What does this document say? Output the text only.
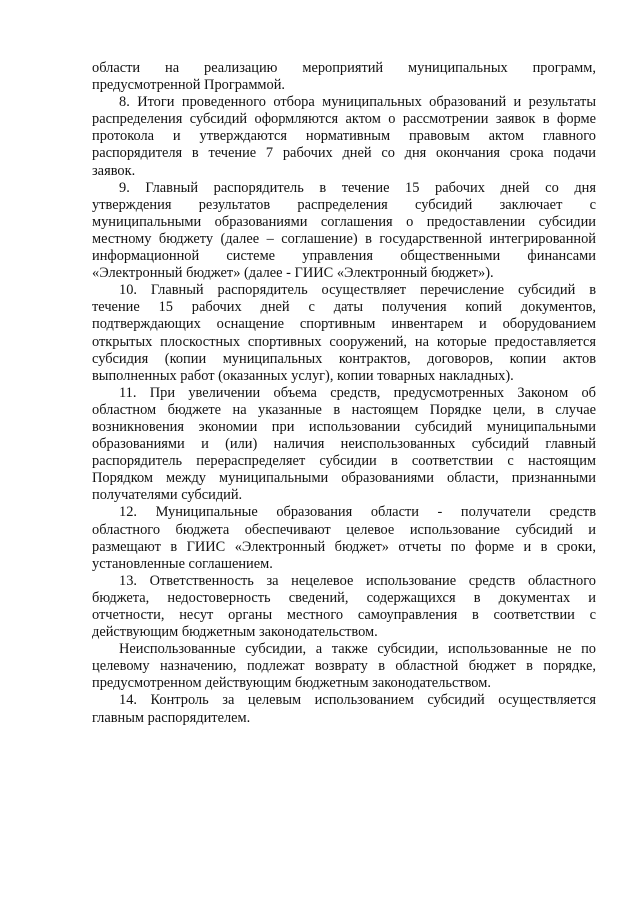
области на реализацию мероприятий муниципальных программ,
предусмотренной Программой.
8. Итоги проведенного отбора муниципальных образований и результаты
распределения субсидий оформляются актом о рассмотрении заявок в форме
протокола и утверждаются нормативным правовым актом главного
распорядителя в течение 7 рабочих дней со дня окончания срока подачи
заявок.
9. Главный распорядитель в течение 15 рабочих дней со дня
утверждения результатов распределения субсидий заключает с
муниципальными образованиями соглашения о предоставлении субсидии
местному бюджету (далее – соглашение) в государственной интегрированной
информационной системе управления общественными финансами
«Электронный бюджет» (далее - ГИИС «Электронный бюджет»).
10. Главный распорядитель осуществляет перечисление субсидий в
течение 15 рабочих дней с даты получения копий документов,
подтверждающих оснащение спортивным инвентарем и оборудованием
открытых плоскостных спортивных сооружений, на которые предоставляется
субсидия (копии муниципальных контрактов, договоров, копии актов
выполненных работ (оказанных услуг), копии товарных накладных).
11. При увеличении объема средств, предусмотренных Законом об
областном бюджете на указанные в настоящем Порядке цели, в случае
возникновения экономии при использовании субсидий муниципальными
образованиями и (или) наличия неиспользованных субсидий главный
распорядитель перераспределяет субсидии в соответствии с настоящим
Порядком между муниципальными образованиями области, признанными
получателями субсидий.
12. Муниципальные образования области - получатели средств
областного бюджета обеспечивают целевое использование субсидий и
размещают в ГИИС «Электронный бюджет» отчеты по форме и в сроки,
установленные соглашением.
13. Ответственность за нецелевое использование средств областного
бюджета, недостоверность сведений, содержащихся в документах и
отчетности, несут органы местного самоуправления в соответствии с
действующим бюджетным законодательством.
Неиспользованные субсидии, а также субсидии, использованные не по
целевому назначению, подлежат возврату в областной бюджет в порядке,
предусмотренном действующим бюджетным законодательством.
14. Контроль за целевым использованием субсидий осуществляется
главным распорядителем.
